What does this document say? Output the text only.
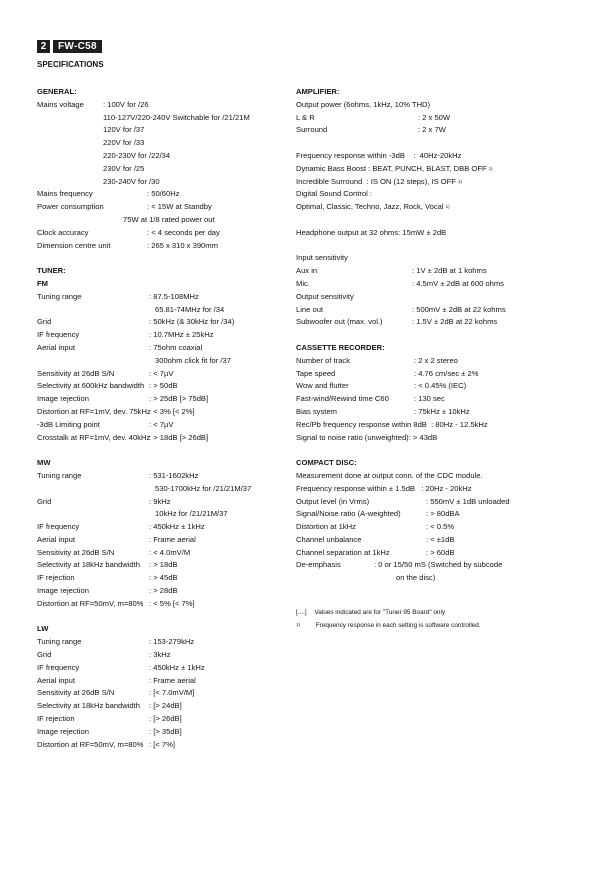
2	FW-C58
SPECIFICATIONS
GENERAL:
Mains voltage	: 100V for /26
110-127V/220-240V Switchable for /21/21M
120V for /37
220V for /33
220-230V for /22/34
230V for /25
230-240V for /30
Mains frequency	: 50/60Hz
Power consumption	: < 15W at Standby
75W at 1/8 rated power out
Clock accuracy	: < 4 seconds per day
Dimension centre unit	: 265 x 310 x 390mm
TUNER:
FM
Tuning range	: 87.5-108MHz
65.81-74MHz for /34
Grid	: 50kHz (& 30kHz for /34)
IF frequency	: 10.7MHz ± 25kHz
Aerial input	: 75ohm coaxial
300ohm click fit for /37
Sensitivity at 26dB S/N	: < 7µV
Selectivity at 600kHz bandwidth : > 50dB
Image rejection	: > 25dB [> 75dB]
Distortion at RF=1mV, dev. 75kHz
: < 3% [< 2%]
-3dB Limiting point	: < 7µV
Crosstalk at RF=1mV, dev. 40kHz
: > 18dB [> 26dB]
MW
Tuning range	: 531-1602kHz
530-1700kHz for /21/21M/37
Grid	: 9kHz
10kHz for /21/21M/37
IF frequency	: 450kHz ± 1kHz
Aerial input	: Frame aerial
Sensitivity at 26dB S/N	: < 4.0mV/M
Selectivity at 18kHz bandwidth : > 18dB
IF rejection	: > 45dB
Image rejection	: > 28dB
Distortion at RF=50mV, m=80% : < 5% [< 7%]
LW
Tuning range	: 153-279kHz
Grid	: 3kHz
IF frequency	: 450kHz ± 1kHz
Aerial input	: Frame aerial
Sensitivity at 26dB S/N	: [< 7.0mV/M]
Selectivity at 18kHz bandwidth : [> 24dB]
IF rejection	: [> 26dB]
Image rejection	: [> 35dB]
Distortion at RF=50mV, m=80% : [< 7%]
AMPLIFIER:
Output power (6ohms, 1kHz, 10% THD)
L & R	: 2 x 50W
Surround	: 2 x 7W
Frequency response within -3dB    :  40Hz-20kHz
Dynamic Bass Boost : BEAT, PUNCH, BLAST, DBB OFF $^{1)}$
Incredible Surround  : IS ON (12 steps), IS OFF $^{1)}$
Digital Sound Control :
Optimal, Classic, Techno, Jazz, Rock, Vocal $^{1)}$
Headphone output at 32 ohms: 15mW ± 2dB
Input sensitivity
Aux in	: 1V ± 2dB at 1 kohms
Mic.	: 4.5mV ± 2dB at 600 ohms
Output sensitivity
Line out	: 500mV ± 2dB at 22 kohms
Subwoofer out (max. vol.)	: 1.5V ± 2dB at 22 kohms
CASSETTE RECORDER:
Number of track	: 2 x 2 stereo
Tape speed	: 4.76 cm/sec ± 2%
Wow and flutter	: < 0.45% (IEC)
Fast-wind/Rewind time C60	: 130 sec
Bias system	: 75kHz ± 10kHz
Rec/Pb frequency response within 8dB  : 80Hz - 12.5kHz
Signal to noise ratio (unweighted): > 43dB
COMPACT DISC:
Measurement done at output conn. of the CDC module.
Frequency response within ± 1.5dB   : 20Hz - 20kHz
Output level (in Vrms)	: 550mV ± 1dB unloaded
Signal/Noise ratio (A-weighted)	: > 80dBA
Distortion at 1kHz	: < 0.5%
Channel unbalance	: < ±1dB
Channel separation at 1kHz	: > 60dB
De-emphasis	: 0 or 15/50 mS (Switched by subcode
on the disc)
[....] Values indicated are for "Tuner 95 Board" only
$^{1)}$ Frequency response in each setting is software controlled.
